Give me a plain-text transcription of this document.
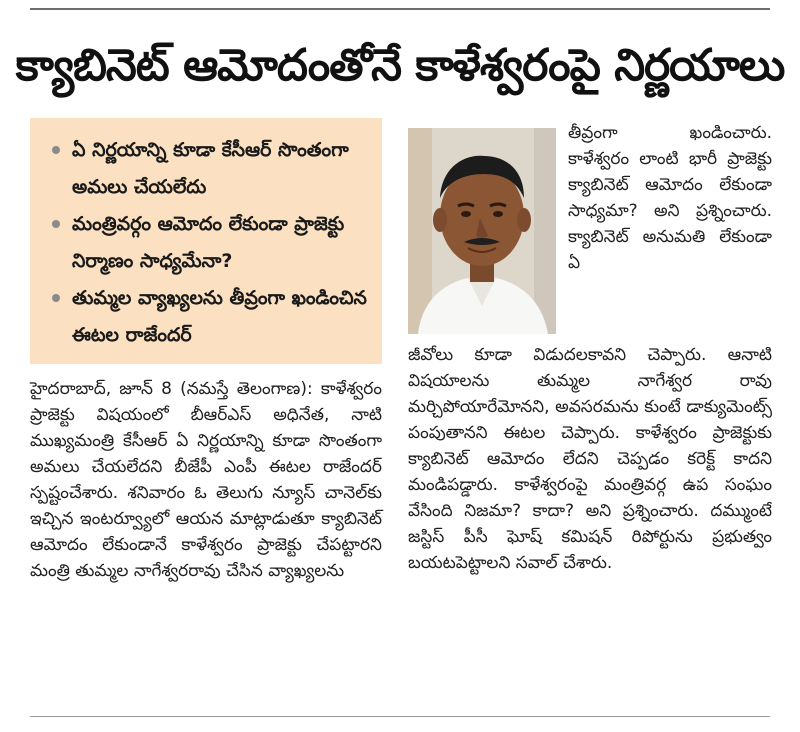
క్యాబినెట్ ఆమోదంతోనే కాళేశ్వరంపై నిర్ణయాలు
ఏ నిర్ణయాన్ని కూడా కేసీఆర్ సొంతంగా అమలు చేయలేదు
మంత్రివర్గం ఆమోదం లేకుండా ప్రాజెక్టు నిర్మాణం సాధ్యమేనా?
తుమ్మల వ్యాఖ్యలను తీవ్రంగా ఖండించిన ఈటల రాజేందర్

హైదరాబాద్, జూన్ 8 (నమస్తే తెలంగాణ): కాళేశ్వరం ప్రాజెక్టు విషయంలో బీఆర్ఎస్ అధినేత, నాటి ముఖ్యమంత్రి కేసీఆర్ ఏ నిర్ణయాన్ని కూడా సొంతంగా అమలు చేయలేదని బీజేపీ ఎంపీ ఈటల రాజేందర్ స్పష్టంచేశారు. శనివారం ఓ తెలుగు న్యూస్ చానెల్‌కు ఇచ్చిన ఇంటర్వ్యూలో ఆయన మాట్లాడుతూ క్యాబినెట్ ఆమోదం లేకుండానే కాళేశ్వరం ప్రాజెక్టు చేపట్టారని మంత్రి తుమ్మల నాగేశ్వరరావు చేసిన వ్యాఖ్యలను

తీవ్రంగా ఖండించారు. కాళేశ్వరం లాంటి భారీ ప్రాజెక్టు క్యాబినెట్ ఆమోదం లేకుండా సాధ్యమా? అని ప్రశ్నించారు. క్యాబినెట్ అనుమతి లేకుండా ఏ

జీవోలు కూడా విడుదలకావని చెప్పారు. ఆనాటి విషయాలను తుమ్మల నాగేశ్వర రావు మర్చిపోయారేమోనని, అవసరమను కుంటే డాక్యుమెంట్స్ పంపుతానని ఈటల చెప్పారు. కాళేశ్వరం ప్రాజెక్టుకు క్యాబినెట్ ఆమోదం లేదని చెప్పడం కరెక్ట్ కాదని మండిపడ్డారు. కాళేశ్వరంపై మంత్రివర్గ ఉప సంఘం వేసింది నిజమా? కాదా? అని ప్రశ్నించారు. దమ్ముంటే జస్టిస్ పీసీ ఘోష్ కమిషన్ రిపోర్టును ప్రభుత్వం బయటపెట్టాలని సవాల్ చేశారు.
